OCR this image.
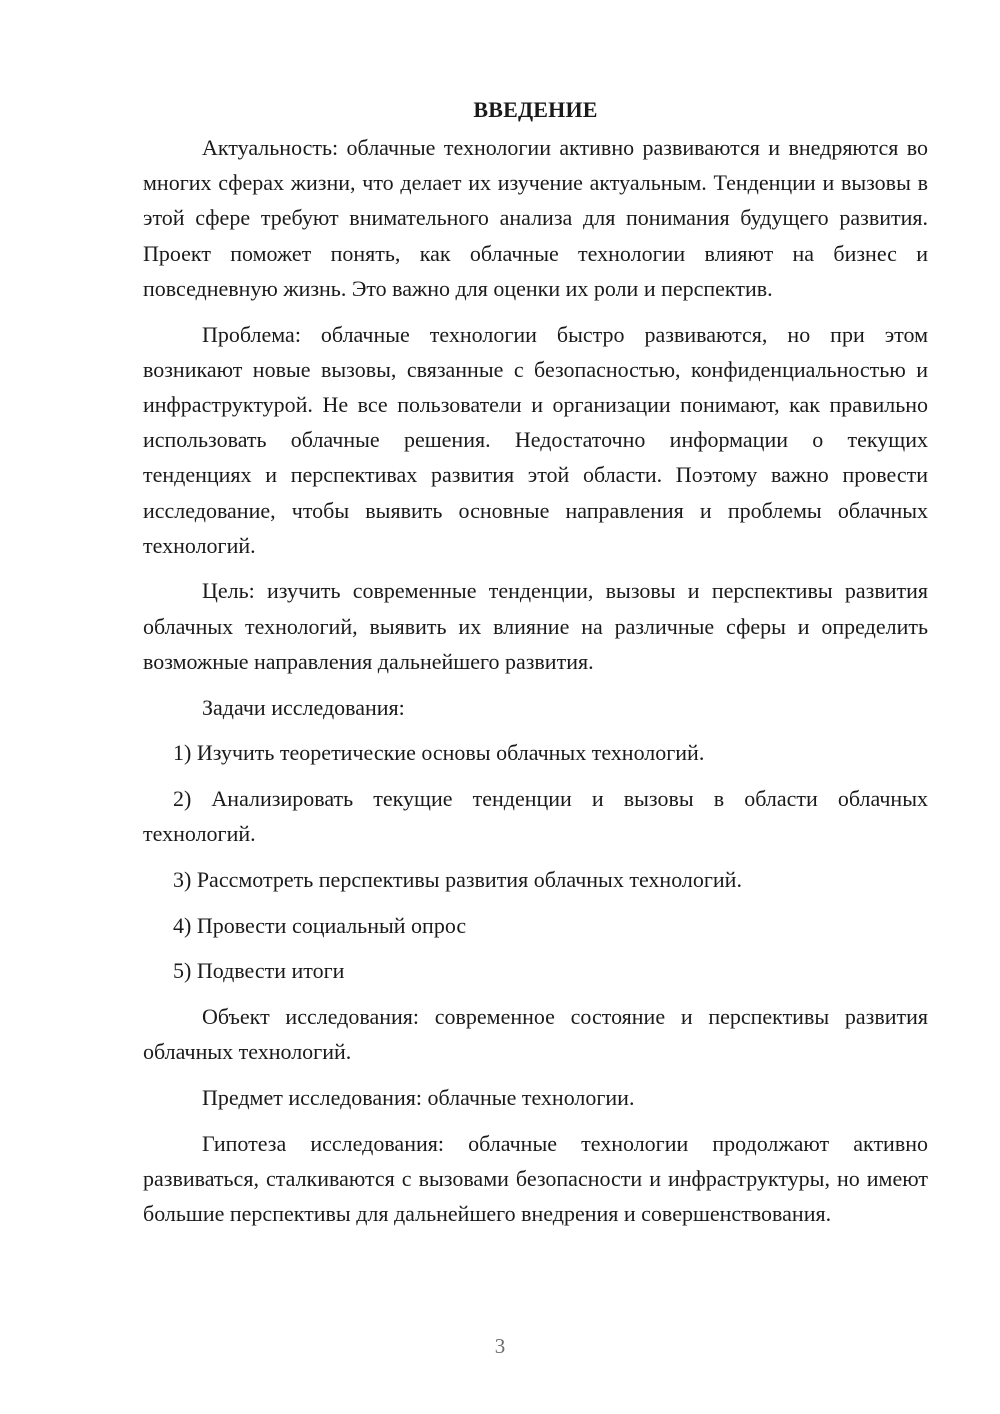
ВВЕДЕНИЕ

Актуальность: облачные технологии активно развиваются и внедряются во многих сферах жизни, что делает их изучение актуальным. Тенденции и вызовы в этой сфере требуют внимательного анализа для понимания будущего развития. Проект поможет понять, как облачные технологии влияют на бизнес и повседневную жизнь. Это важно для оценки их роли и перспектив.

Проблема: облачные технологии быстро развиваются, но при этом возникают новые вызовы, связанные с безопасностью, конфиденциальностью и инфраструктурой. Не все пользователи и организации понимают, как правильно использовать облачные решения. Недостаточно информации о текущих тенденциях и перспективах развития этой области. Поэтому важно провести исследование, чтобы выявить основные направления и проблемы облачных технологий.

Цель: изучить современные тенденции, вызовы и перспективы развития облачных технологий, выявить их влияние на различные сферы и определить возможные направления дальнейшего развития.

Задачи исследования:

1) Изучить теоретические основы облачных технологий.

2) Анализировать текущие тенденции и вызовы в области облачных технологий.

3) Рассмотреть перспективы развития облачных технологий.

4) Провести социальный опрос

5) Подвести итоги

Объект исследования: современное состояние и перспективы развития облачных технологий.

Предмет исследования: облачные технологии.

Гипотеза исследования: облачные технологии продолжают активно развиваться, сталкиваются с вызовами безопасности и инфраструктуры, но имеют большие перспективы для дальнейшего внедрения и совершенствования.

3
